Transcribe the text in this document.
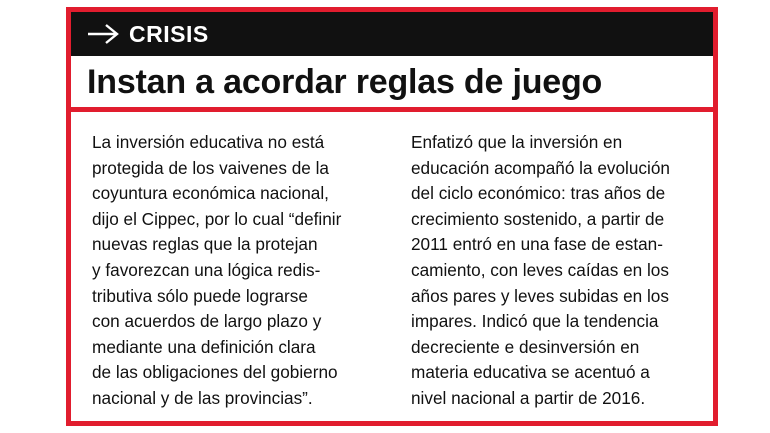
CRISIS
Instan a acordar reglas de juego
La inversión educativa no está
protegida de los vaivenes de la
coyuntura económica nacional,
dijo el Cippec, por lo cual “definir
nuevas reglas que la protejan
y favorezcan una lógica redis-
tributiva sólo puede lograrse
con acuerdos de largo plazo y
mediante una definición clara
de las obligaciones del gobierno
nacional y de las provincias”.
Enfatizó que la inversión en
educación acompañó la evolución
del ciclo económico: tras años de
crecimiento sostenido, a partir de
2011 entró en una fase de estan-
camiento, con leves caídas en los
años pares y leves subidas en los
impares. Indicó que la tendencia
decreciente e desinversión en
materia educativa se acentuó a
nivel nacional a partir de 2016.
